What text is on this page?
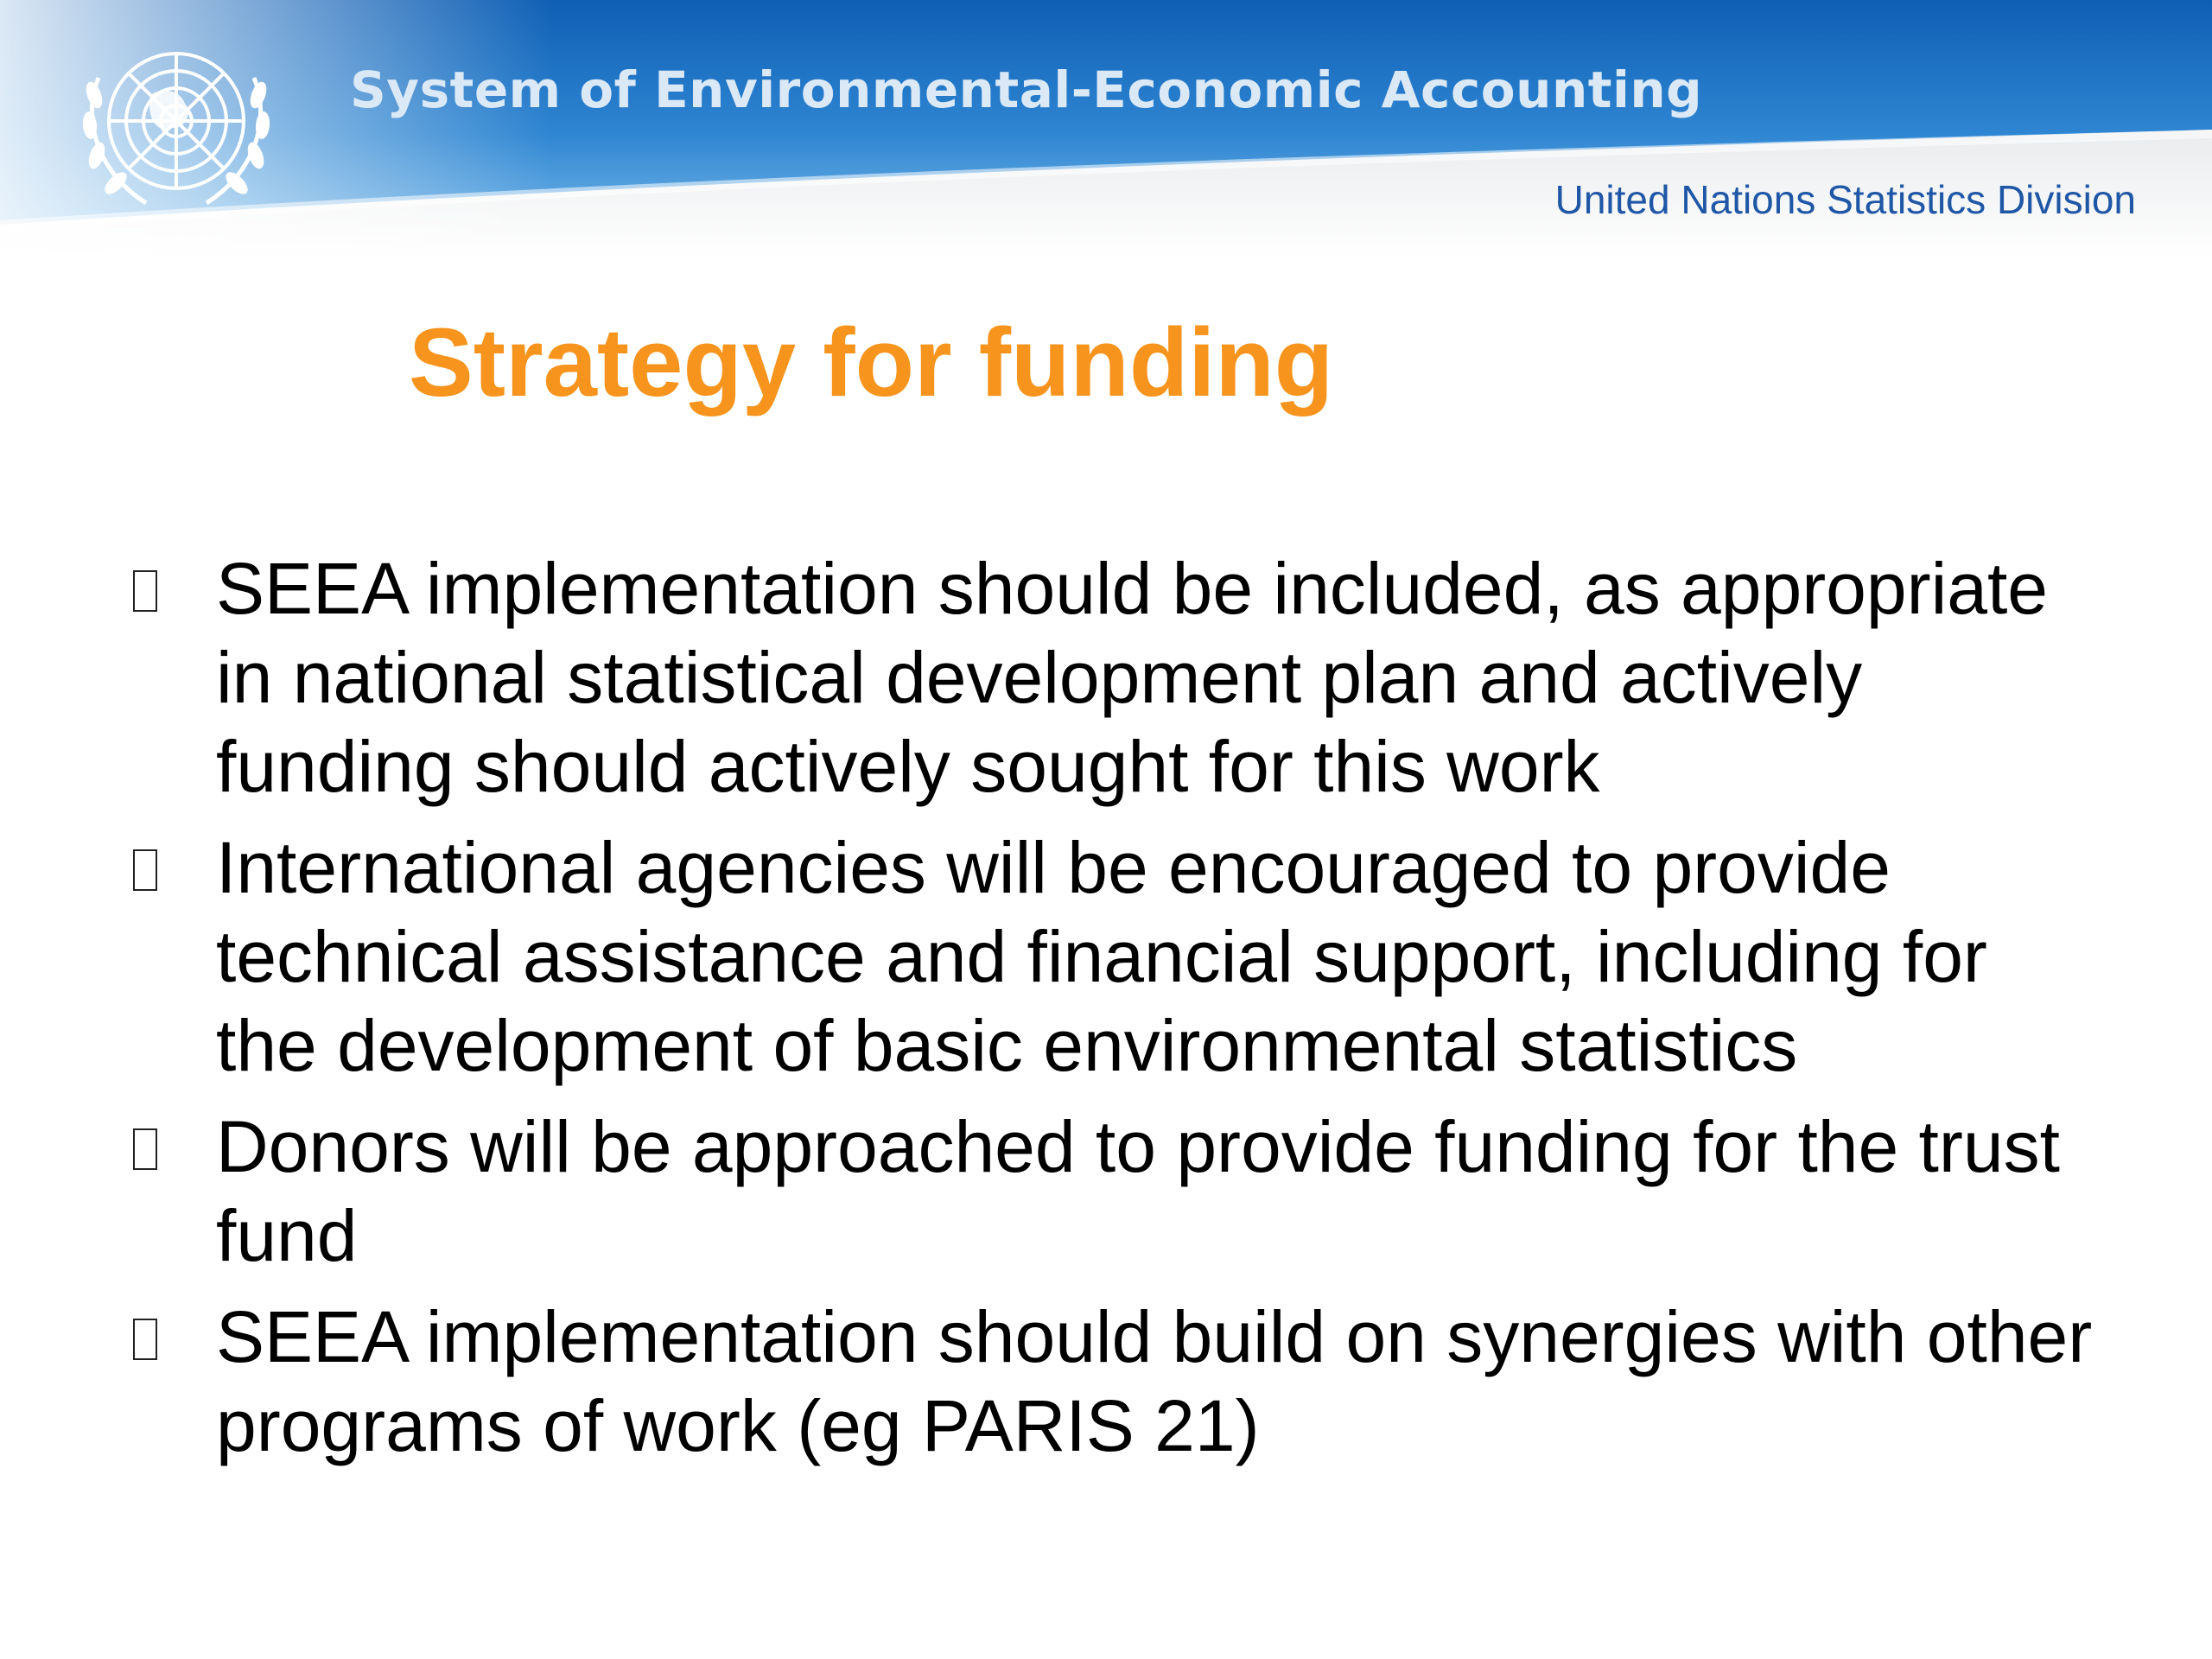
System of Environmental-Economic Accounting
United Nations Statistics Division
Strategy for funding
SEEA implementation should be included, as appropriate in national statistical development plan and actively funding should actively sought for this work
International agencies will be encouraged to provide technical assistance and financial support, including for the development of basic environmental statistics
Donors will be approached to provide funding for the trust fund
SEEA implementation should build on synergies with other programs of work (eg PARIS 21)
